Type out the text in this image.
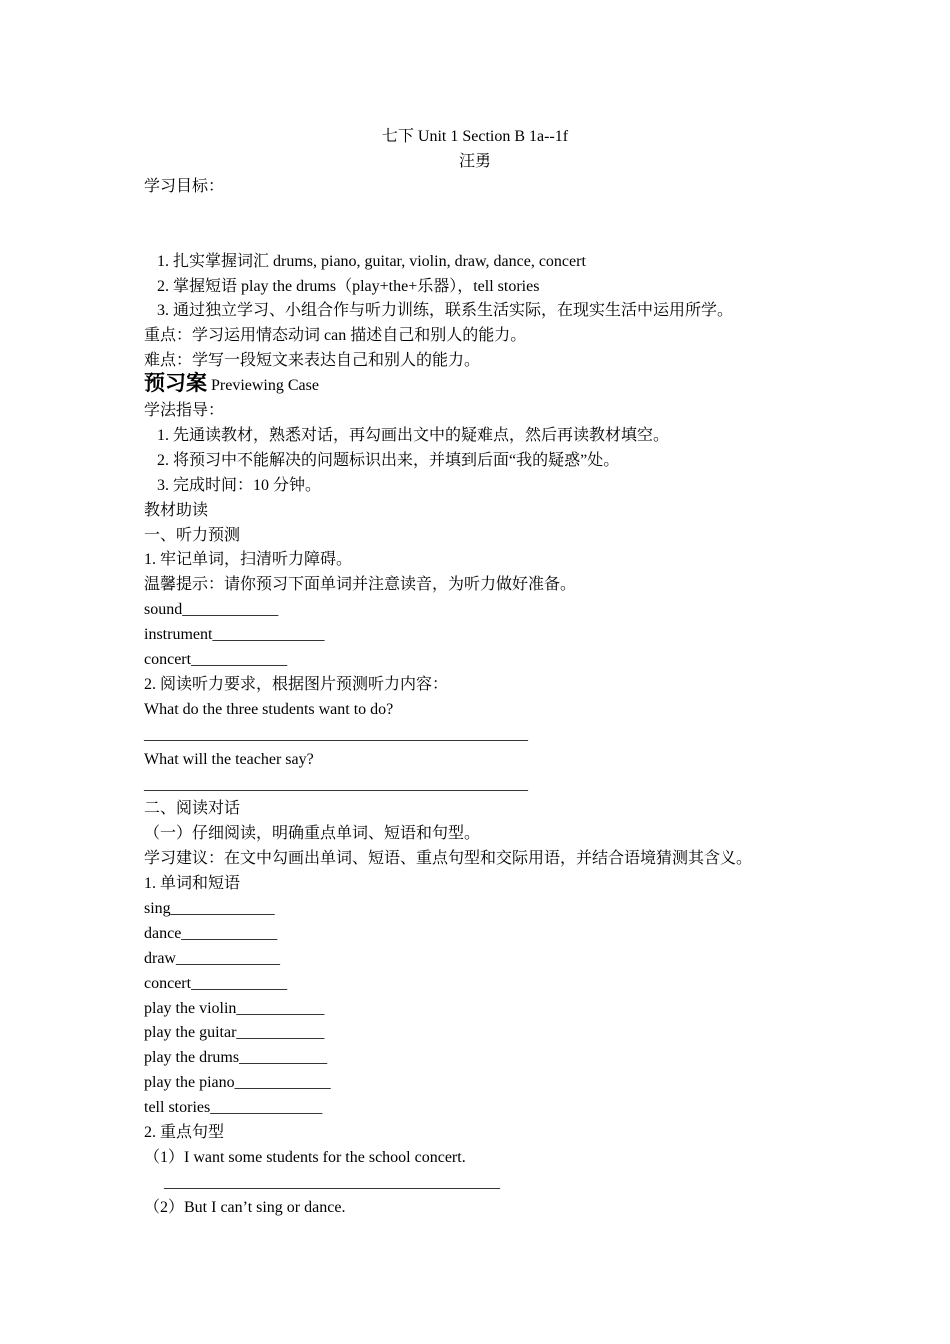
七下 Unit 1 Section B 1a--1f
汪勇
学习目标：
1. 扎实掌握词汇 drums, piano, guitar, violin, draw, dance, concert
2. 掌握短语 play the drums（play+the+乐器），tell stories
3. 通过独立学习、小组合作与听力训练，联系生活实际，在现实生活中运用所学。
重点：学习运用情态动词 can 描述自己和别人的能力。
难点：学写一段短文来表达自己和别人的能力。
预习案 Previewing Case
学法指导：
1. 先通读教材，熟悉对话，再勾画出文中的疑难点，然后再读教材填空。
2. 将预习中不能解决的问题标识出来，并填到后面“我的疑惑”处。
3. 完成时间：10 分钟。
教材助读
一、听力预测
1. 牢记单词，扫清听力障碍。
温馨提示：请你预习下面单词并注意读音，为听力做好准备。
sound____________
instrument______________
concert____________
2. 阅读听力要求，根据图片预测听力内容：
What do the three students want to do?
________________________________________________
What will the teacher say?
________________________________________________
二、阅读对话
（一）仔细阅读，明确重点单词、短语和句型。
学习建议：在文中勾画出单词、短语、重点句型和交际用语，并结合语境猜测其含义。
1. 单词和短语
sing_____________
dance____________
draw_____________
concert____________
play the violin___________
play the guitar___________
play the drums___________
play the piano____________
tell stories______________
2. 重点句型
（1）I want some students for the school concert.
__________________________________________
（2）But I can’t sing or dance.
